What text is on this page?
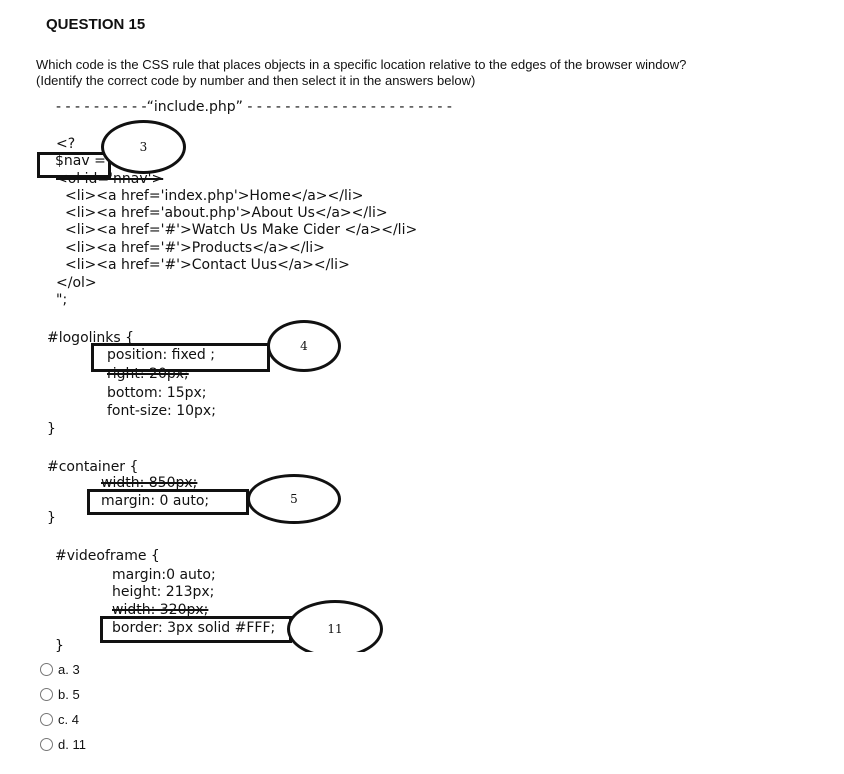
QUESTION 15
Which code is the CSS rule that places objects in a specific location relative to the edges of the browser window?
(Identify the correct code by number and then select it in the answers below)
- - - - - - - - - -“include.php” - - - - - - - - - - - - - - - - - - - - - -
<?
$nav =
3
<ol id='nnav'>
<li><a href='index.php'>Home</a></li>
<li><a href='about.php'>About Us</a></li>
<li><a href='#'>Watch Us Make Cider </a></li>
<li><a href='#'>Products</a></li>
<li><a href='#'>Contact Uus</a></li>
</ol>
";
#logolinks {
position: fixed ;
4
right: 20px;
bottom: 15px;
font-size: 10px;
}
#container {
width: 850px;
margin: 0 auto;	5
}
#videoframe {
margin:0 auto;
height: 213px;
width: 320px;
border: 3px solid #FFF;	11
}
a. 3
b. 5
c. 4
d. 11
